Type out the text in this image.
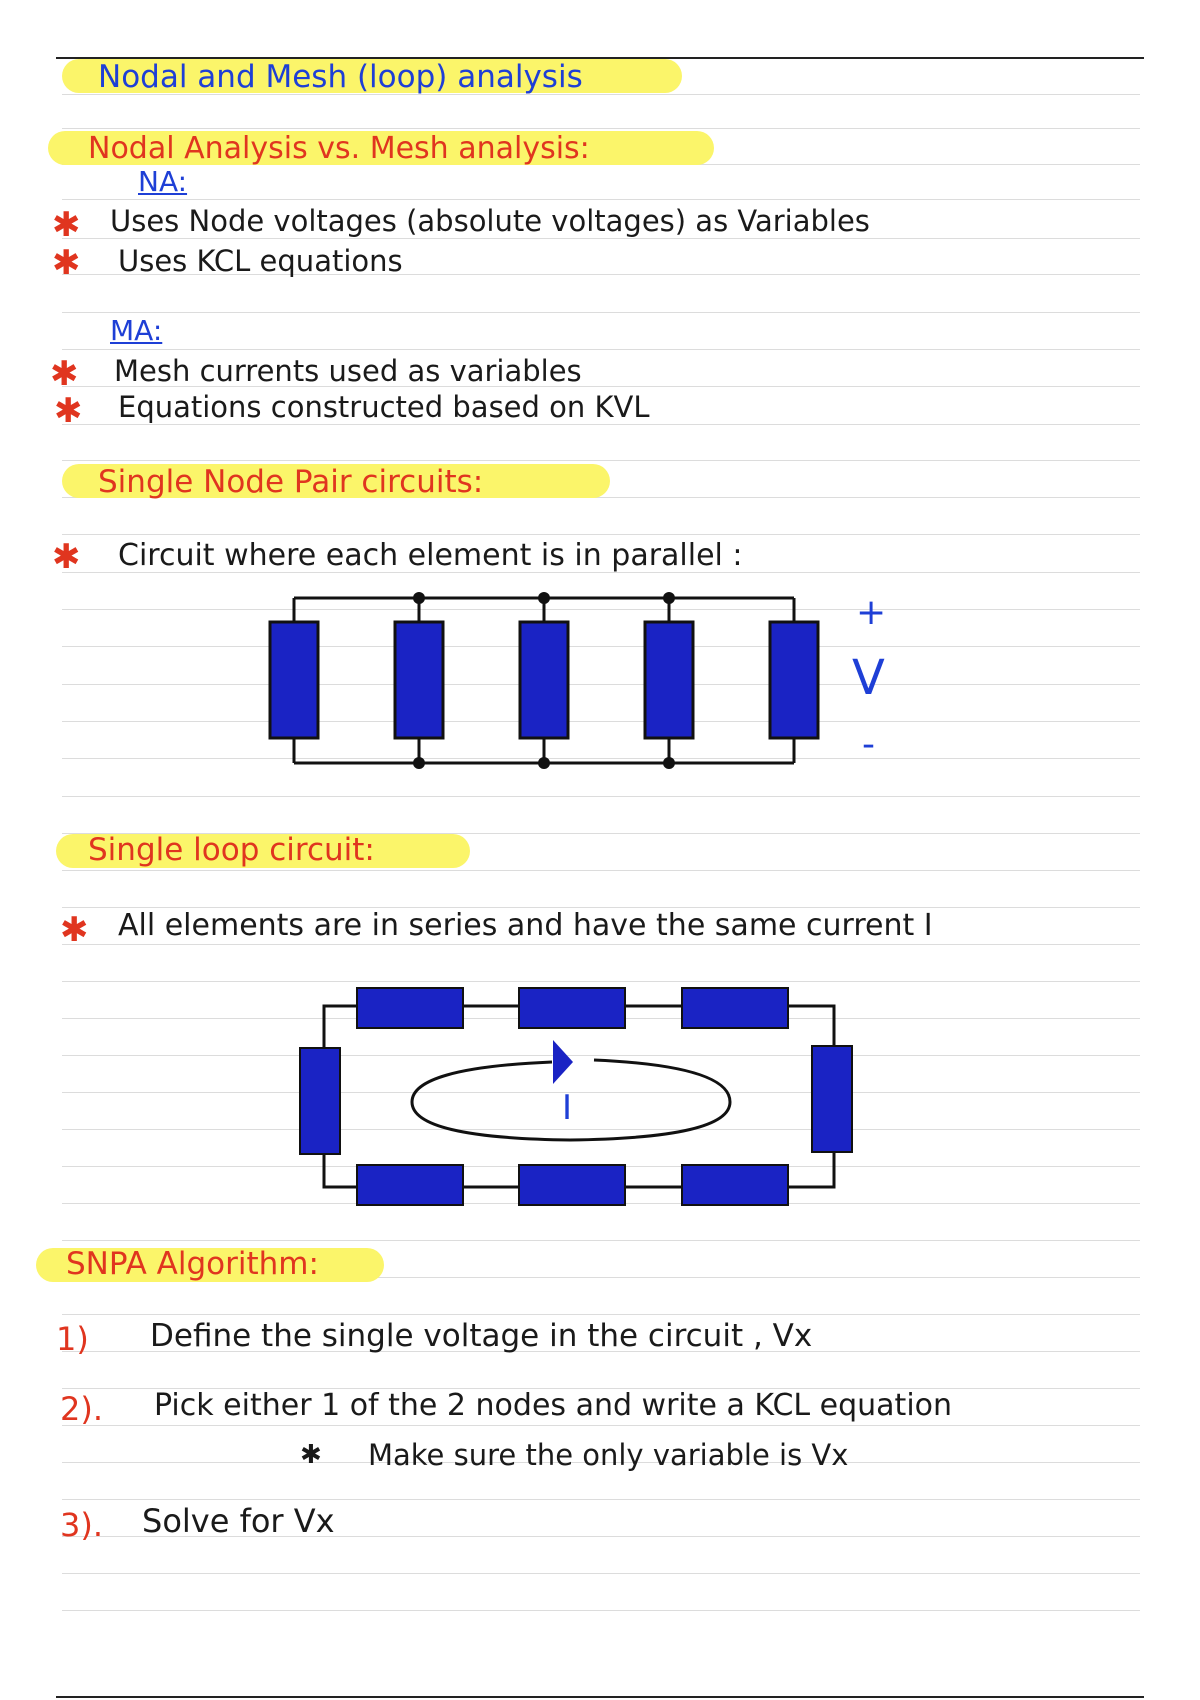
Nodal and Mesh (loop) analysis
Nodal Analysis vs. Mesh analysis:
NA:
✱ Uses Node voltages (absolute voltages) as Variables
✱ Uses KCL equations
MA:
✱ Mesh currents used as variables
✱ Equations constructed based on KVL
Single Node Pair circuits:
✱ Circuit where each element is in parallel :
+
V
-
Single loop circuit:
✱ All elements are in series and have the same current I
I
SNPA Algorithm:
1) Define the single voltage in the circuit , Vx
2). Pick either 1 of the 2 nodes and write a KCL equation
✱ Make sure the only variable is Vx
3). Solve for Vx
